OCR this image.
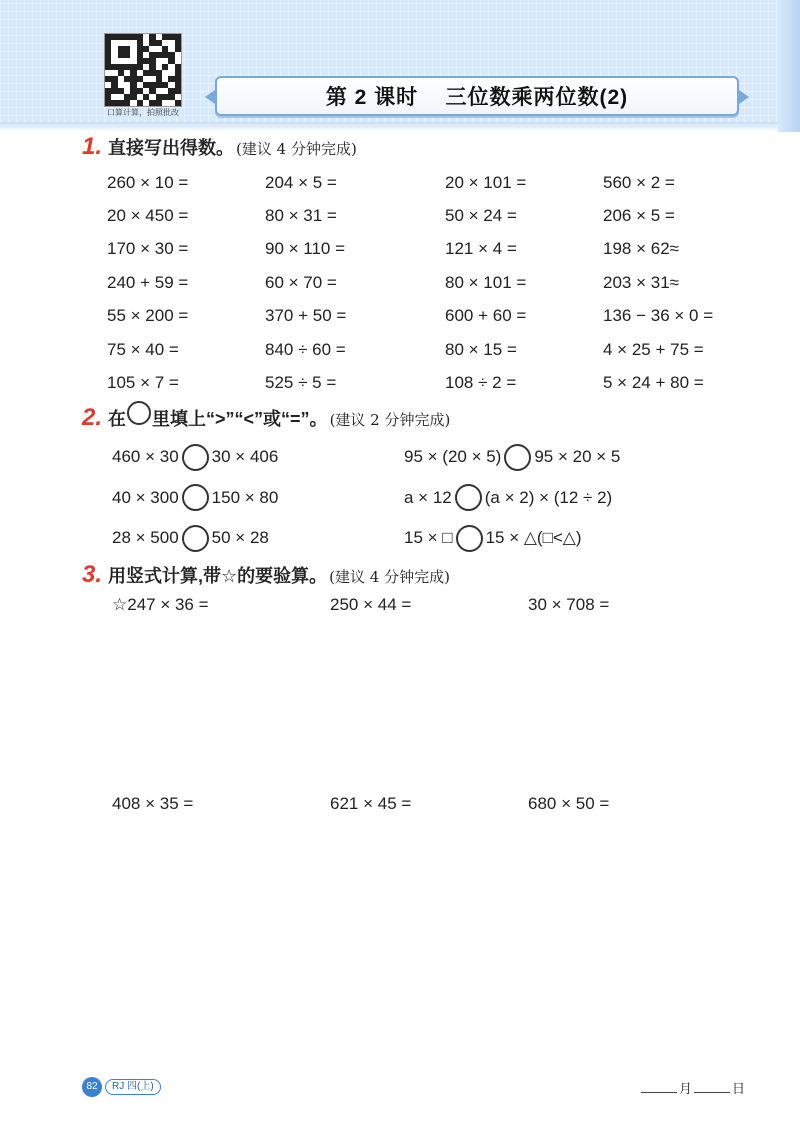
口算计算，拍照批改
第 2 课时    三位数乘两位数(2)
1. 直接写出得数。 (建议 4 分钟完成)
260 × 10 =	204 × 5 =	20 × 101 =	560 × 2 =
20 × 450 =	80 × 31 =	50 × 24 =	206 × 5 =
170 × 30 =	90 × 110 =	121 × 4 =	198 × 62≈
240 + 59 =	60 × 70 =	80 × 101 =	203 × 31≈
55 × 200 =	370 + 50 =	600 + 60 =	136 − 36 × 0 =
75 × 40 =	840 ÷ 60 =	80 × 15 =	4 × 25 + 75 =
105 × 7 =	525 ÷ 5 =	108 ÷ 2 =	5 × 24 + 80 =
2. 在 里填上“>”“<”或“=”。 (建议 2 分钟完成)
460 × 30 30 × 406	95 × (20 × 5) 95 × 20 × 5
40 × 300 150 × 80	a × 12 (a × 2) × (12 ÷ 2)
28 × 500 50 × 28	15 × □ 15 × △(□<△)
3. 用竖式计算,带☆的要验算。 (建议 4 分钟完成)
☆247 × 36 =	250 × 44 =	30 × 708 =
408 × 35 =	621 × 45 =	680 × 50 =
82	RJ 四(上)	月	日
